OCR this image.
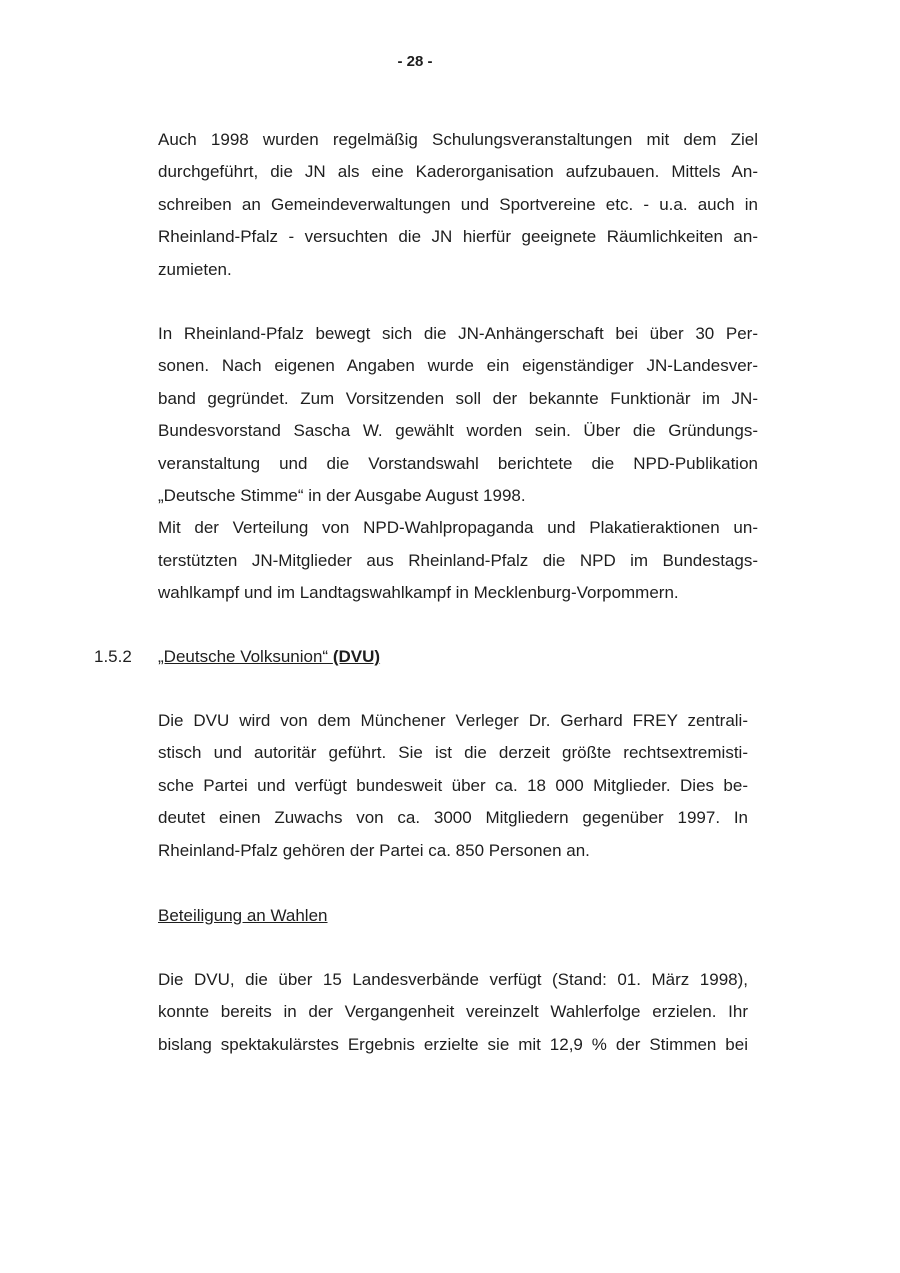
- 28 -
Auch 1998 wurden regelmäßig Schulungsveranstaltungen mit dem Ziel
durchgeführt, die JN als eine Kaderorganisation aufzubauen. Mittels An-
schreiben an Gemeindeverwaltungen und Sportvereine etc. - u.a. auch in
Rheinland-Pfalz - versuchten die JN hierfür geeignete Räumlichkeiten an-
zumieten.
In Rheinland-Pfalz bewegt sich die JN-Anhängerschaft bei über 30 Per-
sonen. Nach eigenen Angaben wurde ein eigenständiger JN-Landesver-
band gegründet. Zum Vorsitzenden soll der bekannte Funktionär im JN-
Bundesvorstand Sascha W. gewählt worden sein. Über die Gründungs-
veranstaltung und die Vorstandswahl berichtete die NPD-Publikation
„Deutsche Stimme“ in der Ausgabe August 1998.
Mit der Verteilung von NPD-Wahlpropaganda und Plakatieraktionen un-
terstützten JN-Mitglieder aus Rheinland-Pfalz die NPD im Bundestags-
wahlkampf und im Landtagswahlkampf in Mecklenburg-Vorpommern.
1.5.2 „Deutsche Volksunion“ (DVU)
Die DVU wird von dem Münchener Verleger Dr. Gerhard FREY zentrali-
stisch und autoritär geführt. Sie ist die derzeit größte rechtsextremisti-
sche Partei und verfügt bundesweit über ca. 18 000 Mitglieder. Dies be-
deutet einen Zuwachs von ca. 3000 Mitgliedern gegenüber 1997. In
Rheinland-Pfalz gehören der Partei ca. 850 Personen an.
Beteiligung an Wahlen
Die DVU, die über 15 Landesverbände verfügt (Stand: 01. März 1998),
konnte bereits in der Vergangenheit vereinzelt Wahlerfolge erzielen. Ihr
bislang spektakulärstes Ergebnis erzielte sie mit 12,9 % der Stimmen bei
